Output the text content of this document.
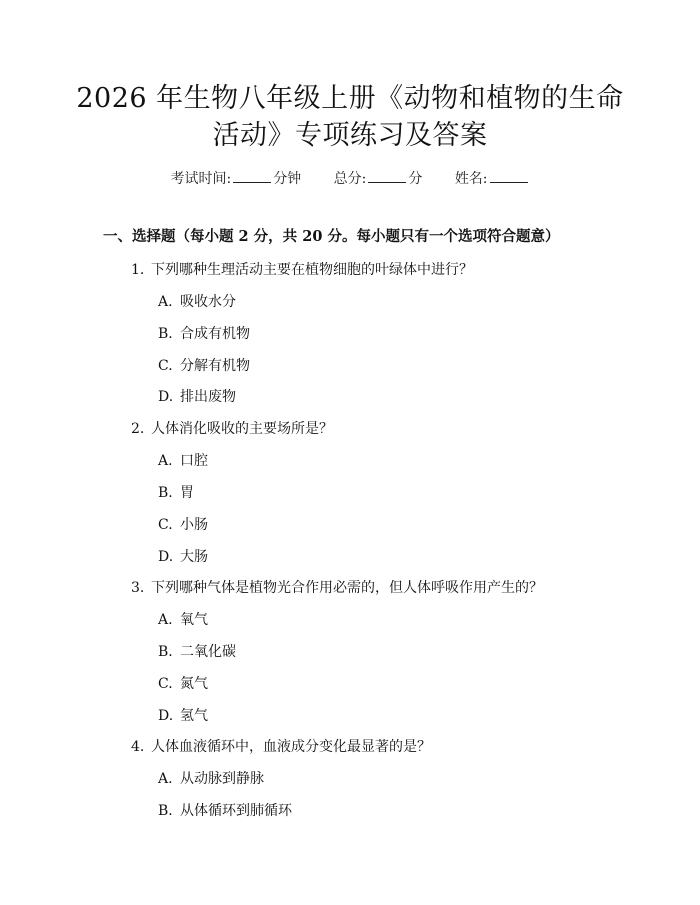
2026 年生物八年级上册《动物和植物的生命
活动》专项练习及答案
考试时间:	分钟 总分:	分 姓名:
一、选择题（每小题 2 分，共 20 分。每小题只有一个选项符合题意）
1. 下列哪种生理活动主要在植物细胞的叶绿体中进行？
A. 吸收水分
B. 合成有机物
C. 分解有机物
D. 排出废物
2. 人体消化吸收的主要场所是？
A. 口腔
B. 胃
C. 小肠
D. 大肠
3. 下列哪种气体是植物光合作用必需的，但人体呼吸作用产生的？
A. 氧气
B. 二氧化碳
C. 氮气
D. 氢气
4. 人体血液循环中，血液成分变化最显著的是？
A. 从动脉到静脉
B. 从体循环到肺循环
